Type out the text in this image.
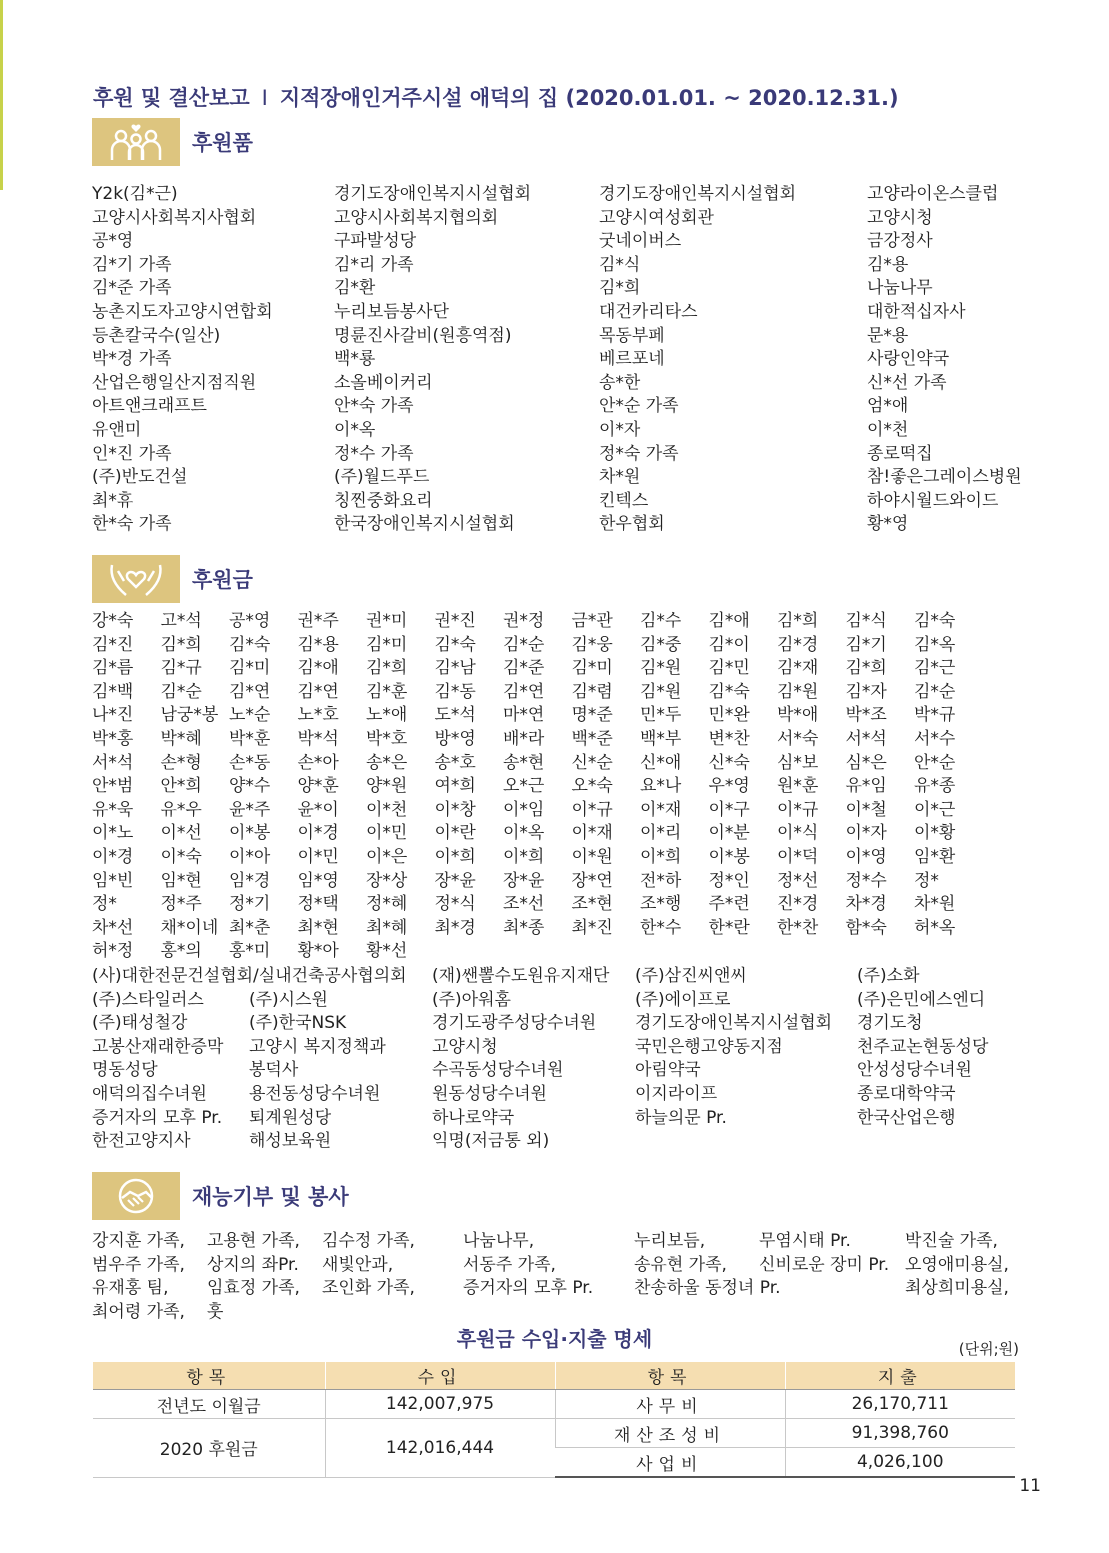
후원 및 결산보고 I 지적장애인거주시설 애덕의 집 (2020.01.01. ~ 2020.12.31.)
후원품
Y2k(김*근)	경기도장애인복지시설협회	경기도장애인복지시설협회	고양라이온스클럽
고양시사회복지사협회	고양시사회복지협의회	고양시여성회관	고양시청
공*영	구파발성당	굿네이버스	금강정사
김*기 가족	김*리 가족	김*식	김*용
김*준 가족	김*환	김*희	나눔나무
농촌지도자고양시연합회	누리보듬봉사단	대건카리타스	대한적십자사
등촌칼국수(일산)	명륜진사갈비(원흥역점)	목동부페	문*용
박*경 가족	백*룡	베르포네	사랑인약국
산업은행일산지점직원	소올베이커리	송*한	신*선 가족
아트앤크래프트	안*숙 가족	안*순 가족	엄*애
유앤미	이*옥	이*자	이*천
인*진 가족	정*수 가족	정*숙 가족	종로떡집
(주)반도건설	(주)월드푸드	차*원	참!좋은그레이스병원
최*휴	칭찐중화요리	킨텍스	하야시월드와이드
한*숙 가족	한국장애인복지시설협회	한우협회	황*영
후원금
강*숙	고*석	공*영	권*주	권*미	권*진	권*정	금*관	김*수	김*애	김*희	김*식	김*숙
김*진	김*희	김*숙	김*용	김*미	김*숙	김*순	김*웅	김*중	김*이	김*경	김*기	김*옥
김*름	김*규	김*미	김*애	김*희	김*남	김*준	김*미	김*원	김*민	김*재	김*희	김*근
김*백	김*순	김*연	김*연	김*훈	김*동	김*연	김*렴	김*원	김*숙	김*원	김*자	김*순
나*진	남궁*봉 노*순	노*호	노*애	도*석	마*연	명*준	민*두	민*완	박*애	박*조	박*규
박*홍	박*혜	박*훈	박*석	박*호	방*영	배*라	백*준	백*부	변*찬	서*숙	서*석	서*수
서*석	손*형	손*동	손*아	송*은	송*호	송*현	신*순	신*애	신*숙	심*보	심*은	안*순
안*범	안*희	양*수	양*훈	양*원	여*희	오*근	오*숙	요*나	우*영	원*훈	유*임	유*종
유*욱	유*우	윤*주	윤*이	이*천	이*창	이*임	이*규	이*재	이*구	이*규	이*철	이*근
이*노	이*선	이*봉	이*경	이*민	이*란	이*옥	이*재	이*리	이*분	이*식	이*자	이*황
이*경	이*숙	이*아	이*민	이*은	이*희	이*희	이*원	이*희	이*봉	이*덕	이*영	임*환
임*빈	임*현	임*경	임*영	장*상	장*윤	장*윤	장*연	전*하	정*인	정*선	정*수	정*
정*	정*주	정*기	정*택	정*혜	정*식	조*선	조*현	조*행	주*련	진*경	차*경	차*원
차*선	채*이네 최*춘	최*현	최*혜	최*경	최*종	최*진	한*수	한*란	한*찬	함*숙	허*옥
허*정	홍*의	홍*미	황*아	황*선
(사)대한전문건설협회/실내건축공사협의회	(재)쌘뽈수도원유지재단	(주)삼진씨앤씨	(주)소화
(주)스타일러스	(주)시스원	(주)아워홈	(주)에이프로	(주)은민에스엔디
(주)태성철강	(주)한국NSK	경기도광주성당수녀원	경기도장애인복지시설협회	경기도청
고봉산재래한증막	고양시 복지정책과	고양시청	국민은행고양동지점	천주교논현동성당
명동성당	봉덕사	수곡동성당수녀원	아림약국	안성성당수녀원
애덕의집수녀원	용전동성당수녀원	원동성당수녀원	이지라이프	종로대학약국
증거자의 모후 Pr.	퇴계원성당	하나로약국	하늘의문 Pr.	한국산업은행
한전고양지사	해성보육원	익명(저금통 외)
재능기부 및 봉사
강지훈 가족,	고용현 가족,	김수정 가족,	나눔나무,	누리보듬,	무염시태 Pr.	박진술 가족,
범우주 가족,	상지의 좌Pr.	새빛안과,	서동주 가족,	송유현 가족,	신비로운 장미 Pr. 오영애미용실,
유재홍 팀,	임효정 가족,	조인화 가족,	증거자의 모후 Pr.	찬송하울 동정녀 Pr.	최상희미용실,
최어령 가족,	훗
후원금 수입·지출 명세	(단위;원)
항목	수입	항목	지출
전년도 이월금	142,007,975	사무비	26,170,711
2020 후원금	142,016,444	재산조성비	91,398,760
		사업비	4,026,100
11
